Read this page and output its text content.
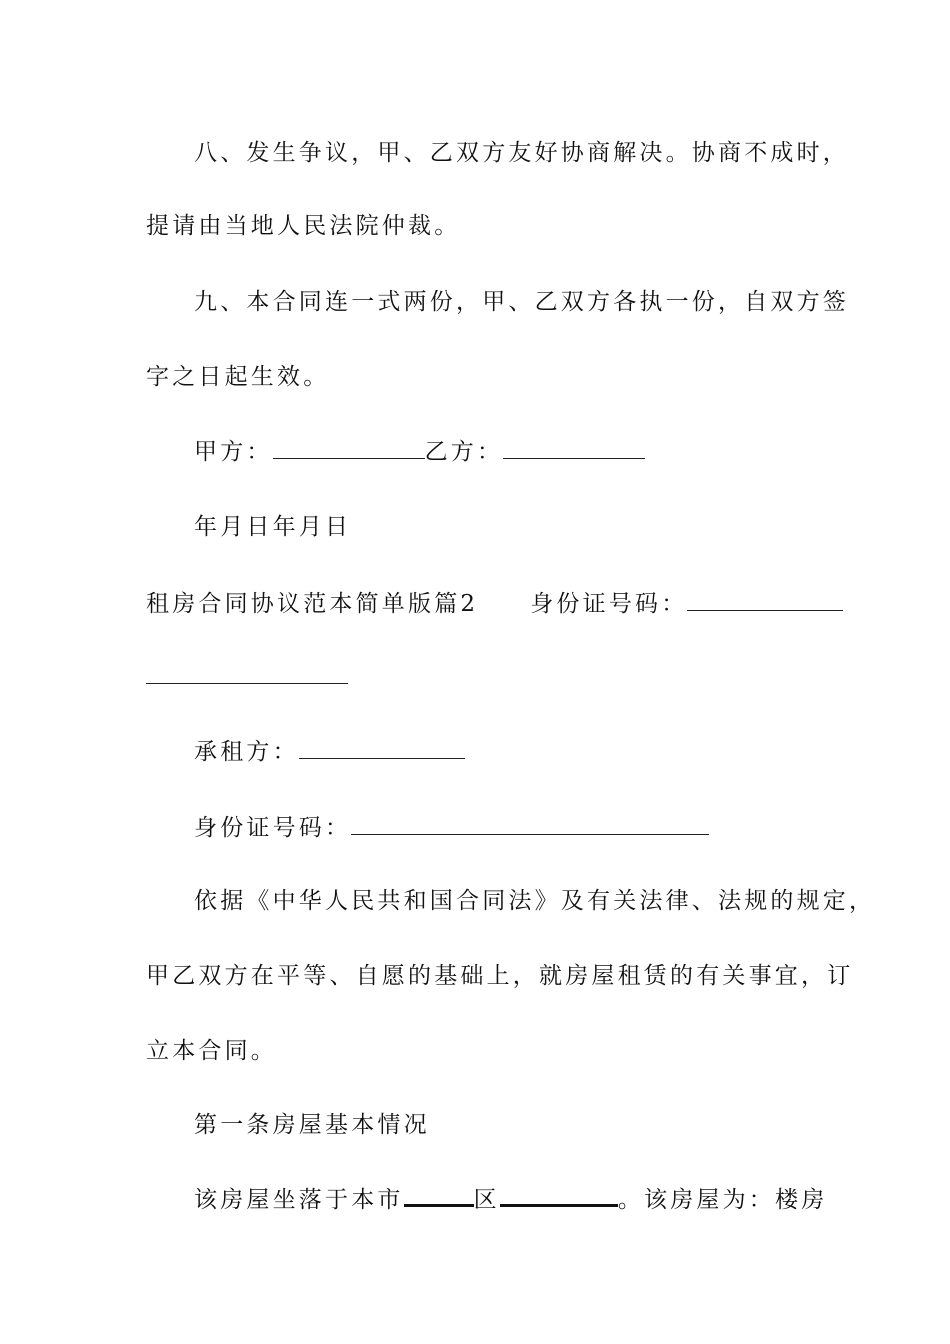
八、发生争议，甲、乙双方友好协商解决。协商不成时，
提请由当地人民法院仲裁。
九、本合同连一式两份，甲、乙双方各执一份，自双方签
字之日起生效。
甲方：	乙方：
年月日年月日
租房合同协议范本简单版篇2 身份证号码：
承租方：
身份证号码：
依据《中华人民共和国合同法》及有关法律、法规的规定，
甲乙双方在平等、自愿的基础上，就房屋租赁的有关事宜，订
立本合同。
第一条房屋基本情况
该房屋坐落于本市	区	。该房屋为：楼房
